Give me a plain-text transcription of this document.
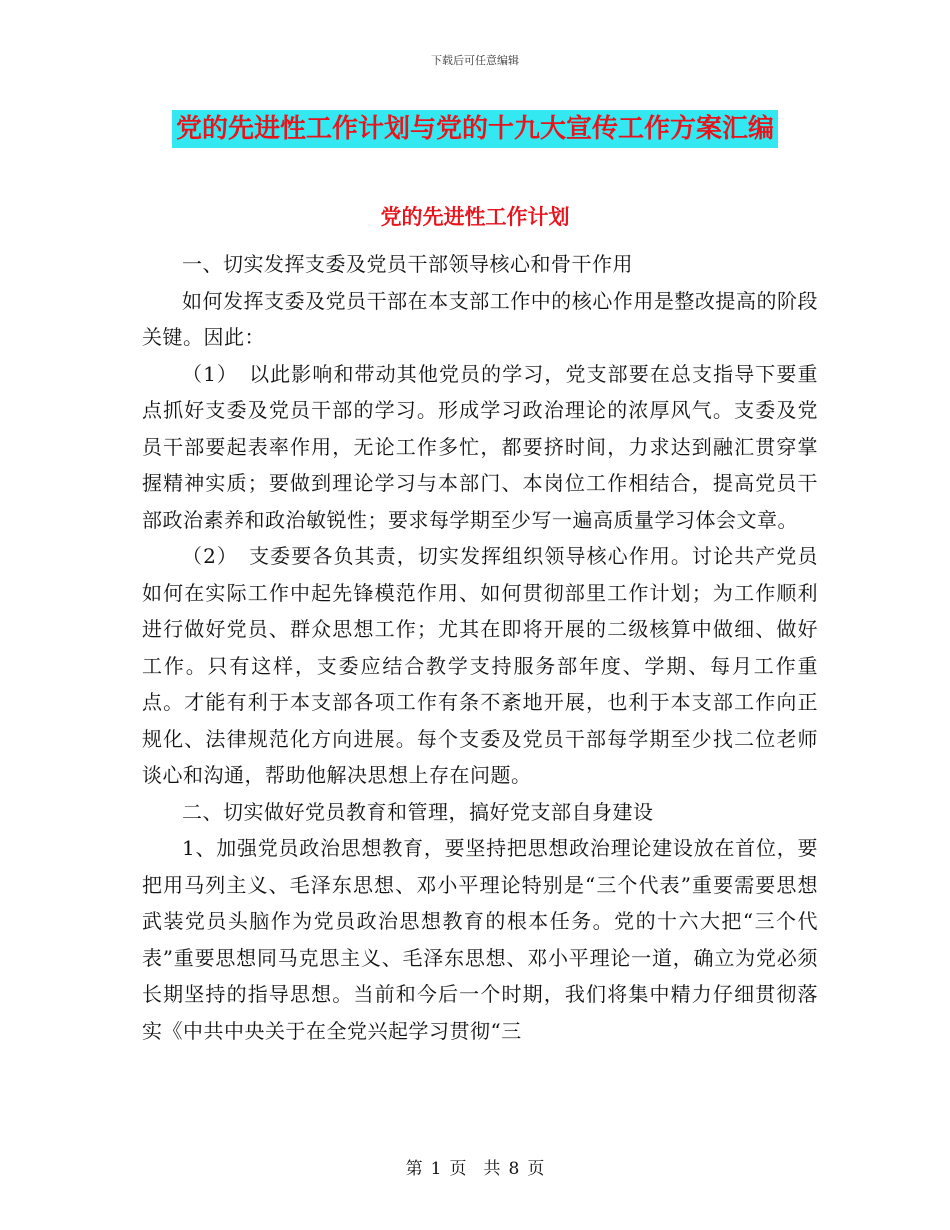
下载后可任意编辑
党的先进性工作计划与党的十九大宣传工作方案汇编
党的先进性工作计划

一、切实发挥支委及党员干部领导核心和骨干作用

如何发挥支委及党员干部在本支部工作中的核心作用是整改提高的阶段关键。因此：

（1）　以此影响和带动其他党员的学习，党支部要在总支指导下要重点抓好支委及党员干部的学习。形成学习政治理论的浓厚风气。支委及党员干部要起表率作用，无论工作多忙，都要挤时间，力求达到融汇贯穿掌握精神实质；要做到理论学习与本部门、本岗位工作相结合，提高党员干部政治素养和政治敏锐性；要求每学期至少写一遍高质量学习体会文章。

（2）　支委要各负其责，切实发挥组织领导核心作用。讨论共产党员如何在实际工作中起先锋模范作用、如何贯彻部里工作计划；为工作顺利进行做好党员、群众思想工作；尤其在即将开展的二级核算中做细、做好工作。只有这样，支委应结合教学支持服务部年度、学期、每月工作重点。才能有利于本支部各项工作有条不紊地开展，也利于本支部工作向正规化、法律规范化方向进展。每个支委及党员干部每学期至少找二位老师谈心和沟通，帮助他解决思想上存在问题。

二、切实做好党员教育和管理，搞好党支部自身建设

1、加强党员政治思想教育，要坚持把思想政治理论建设放在首位，要把用马列主义、毛泽东思想、邓小平理论特别是“三个代表”重要需要思想武装党员头脑作为党员政治思想教育的根本任务。党的十六大把“三个代表”重要思想同马克思主义、毛泽东思想、邓小平理论一道，确立为党必须长期坚持的指导思想。当前和今后一个时期，我们将集中精力仔细贯彻落实《中共中央关于在全党兴起学习贯彻“三

第 1 页　共 8 页
